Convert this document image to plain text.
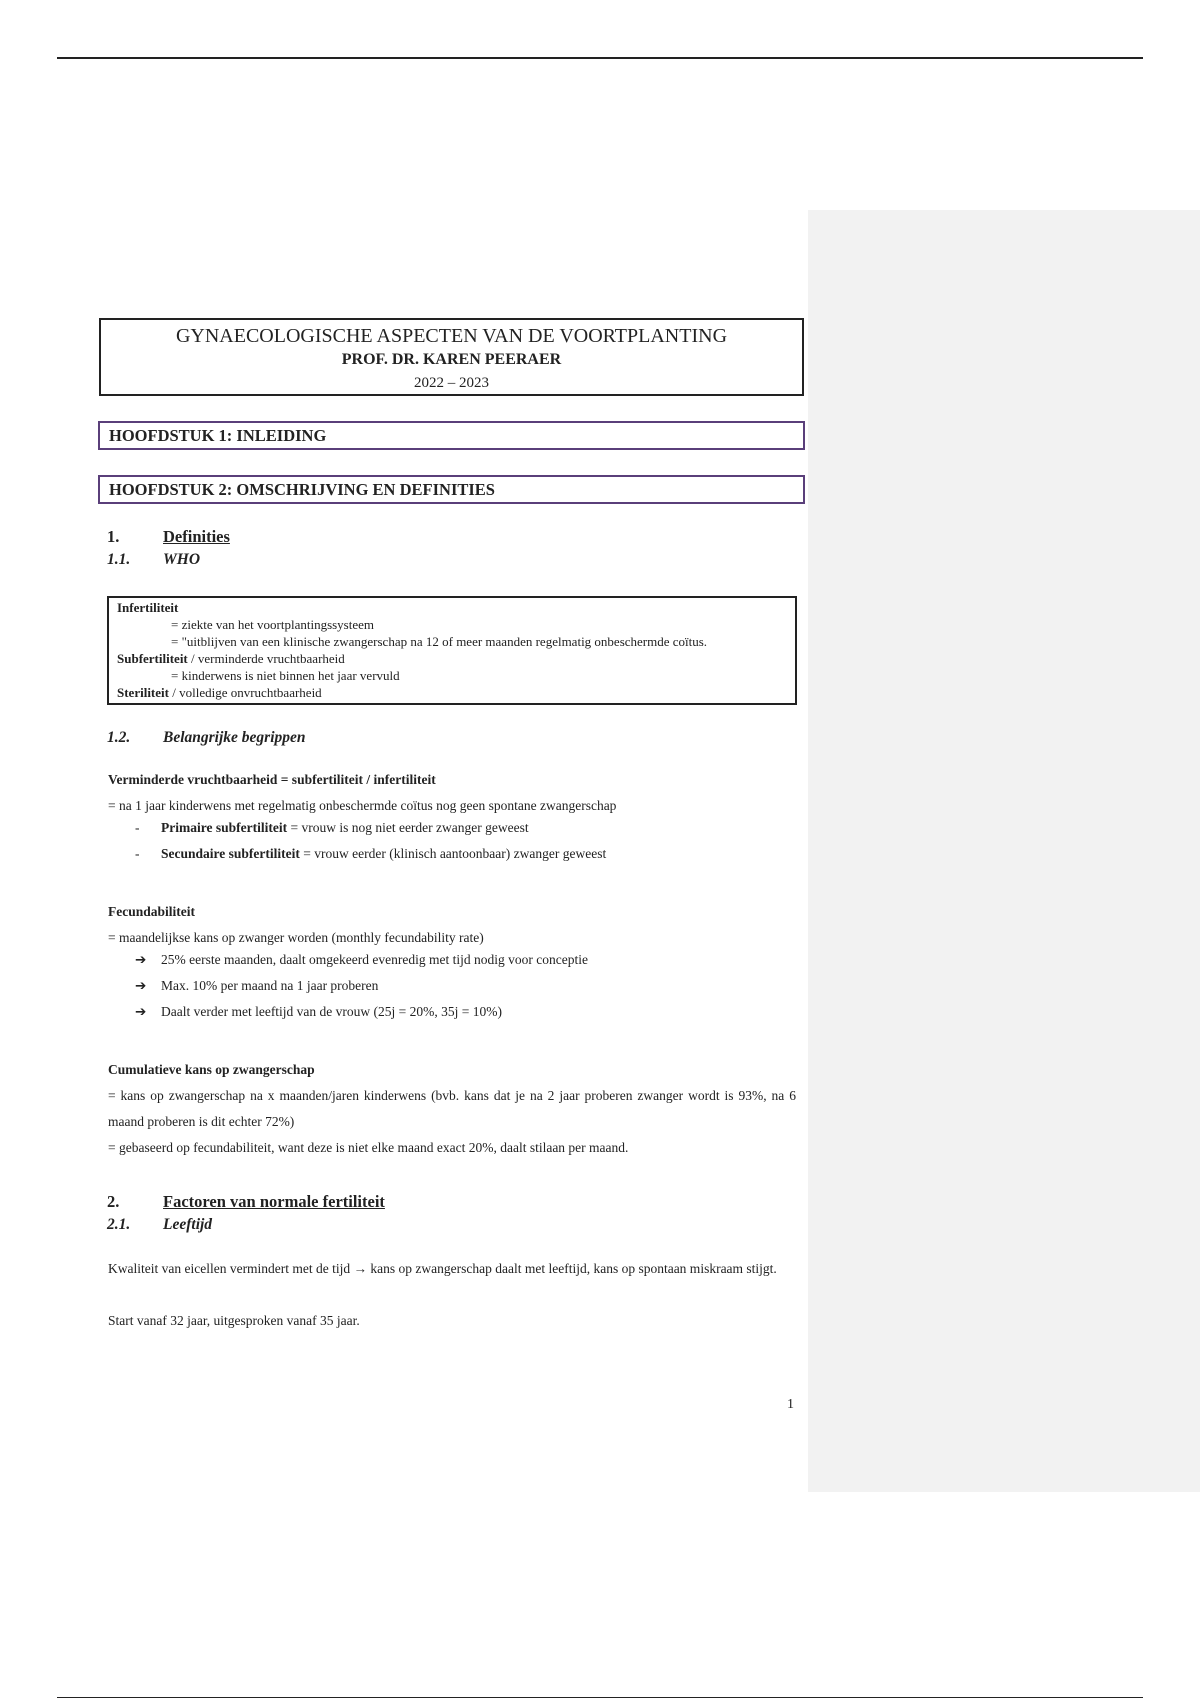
GYNAECOLOGISCHE ASPECTEN VAN DE VOORTPLANTING
PROF. DR. KAREN PEERAER
2022 – 2023
HOOFDSTUK 1: INLEIDING
HOOFDSTUK 2: OMSCHRIJVING EN DEFINITIES
1.	Definities
1.1. WHO
Infertiliteit
= ziekte van het voortplantingssysteem
= "uitblijven van een klinische zwangerschap na 12 of meer maanden regelmatig onbeschermde coïtus.
Subfertiliteit / verminderde vruchtbaarheid
= kinderwens is niet binnen het jaar vervuld
Steriliteit / volledige onvruchtbaarheid
1.2. Belangrijke begrippen
Verminderde vruchtbaarheid = subfertiliteit / infertiliteit
= na 1 jaar kinderwens met regelmatig onbeschermde coïtus nog geen spontane zwangerschap
- Primaire subfertiliteit = vrouw is nog niet eerder zwanger geweest
- Secundaire subfertiliteit = vrouw eerder (klinisch aantoonbaar) zwanger geweest
Fecundabiliteit
= maandelijkse kans op zwanger worden (monthly fecundability rate)
➔ 25% eerste maanden, daalt omgekeerd evenredig met tijd nodig voor conceptie
➔ Max. 10% per maand na 1 jaar proberen
➔ Daalt verder met leeftijd van de vrouw (25j = 20%, 35j = 10%)
Cumulatieve kans op zwangerschap
= kans op zwangerschap na x maanden/jaren kinderwens (bvb. kans dat je na 2 jaar proberen zwanger wordt is 93%, na 6 maand proberen is dit echter 72%)
= gebaseerd op fecundabiliteit, want deze is niet elke maand exact 20%, daalt stilaan per maand.
2.	Factoren van normale fertiliteit
2.1. Leeftijd
Kwaliteit van eicellen vermindert met de tijd → kans op zwangerschap daalt met leeftijd, kans op spontaan miskraam stijgt.
Start vanaf 32 jaar, uitgesproken vanaf 35 jaar.
1
